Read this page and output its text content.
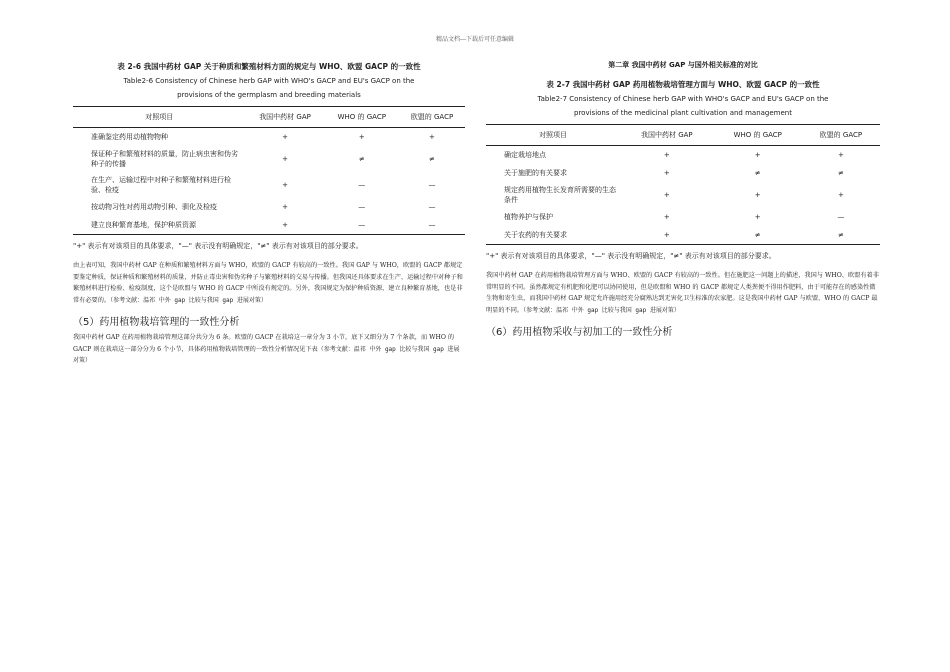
精品文档---下载后可任意编辑
表 2-6 我国中药材 GAP 关于种质和繁殖材料方面的规定与 WHO、欧盟 GACP 的一致性
Table2-6 Consistency of Chinese herb GAP with WHO's GACP and EU's GACP on the
provisions of the germplasm and breeding materials
对照项目	我国中药材 GAP	WHO 的 GACP	欧盟的 GACP
准确鉴定药用动植物物种	+	+	+
保证种子和繁殖材料的质量，防止病虫害和伪劣种子的传播	+	≠	≠
在生产、运输过程中对种子和繁殖材料进行检验、检疫	+	—	—
按动物习性对药用动物引种、驯化及检疫	+	—	—
建立良种繁育基地，保护种质资源	+	—	—
"+" 表示有对该项目的具体要求，"—" 表示没有明确规定，"≠" 表示有对该项目的部分要求。
由上表可知，我国中药材 GAP 在种质和繁殖材料方面与 WHO，欧盟的 GACP 有较高的一致性。我国 GAP 与 WHO，欧盟的 GACP 都规定要鉴定种质，保证种质和繁殖材料的质量，并防止毒虫害和伪劣种子与繁殖材料的交易与传播。但我国还具体要求在生产、运输过程中对种子和繁殖材料进行检验、检疫制度，这个是欧盟与 WHO 的 GACP 中所没有规定的。另外，我国规定为保护种质资源，建立良种繁育基地，也是非常有必要的。（参考文献：温祁 中外 gap 比较与我国 gap 进展对策）
（5）药用植物栽培管理的一致性分析
我国中药材 GAP 在药用植物栽培管理这部分共分为 6 条。欧盟的 GACP 在栽培这一章分为 3 小节，底下又细分为 7 个条款，而 WHO 的 GACP 则在栽培这一部分分为 6 个小节，具体药用植物栽培管理的一致性分析情况见下表（参考文献：温祁 中外 gap 比较与我国 gap 进展对策）
第二章 我国中药材 GAP 与国外相关标准的对比
表 2-7 我国中药材 GAP 药用植物栽培管理方面与 WHO、欧盟 GACP 的一致性
Table2-7 Consistency of Chinese herb GAP with WHO's GACP and EU's GACP on the
provisions of the medicinal plant cultivation and management
对照项目	我国中药材 GAP	WHO 的 GACP	欧盟的 GACP
确定栽培地点	+	+	+
关于施肥的有关要求	+	≠	≠
规定药用植物生长发育所需要的生态条件	+	+	+
植物养护与保护	+	+	—
关于农药的有关要求	+	≠	≠
"+" 表示有对该项目的具体要求，"—" 表示没有明确规定，"≠" 表示有对该项目的部分要求。
我国中药材 GAP 在药用植物栽培管理方面与 WHO、欧盟的 GACP 有较高的一致性。但在施肥这一问题上的描述，我国与 WHO、欧盟有着非常明显的不同。虽然都规定有机肥和化肥可以协同使用，但是欧盟和 WHO 的 GACP 都规定人类粪便不得用作肥料，由于可能存在的感染性微生物和寄生虫，而我国中药材 GAP 规定允许施用经充分腐熟达到无害化卫生标准的农家肥。这是我国中药材 GAP 与欧盟、WHO 的 GACP 最明显的不同。（参考文献：温祁 中外 gap 比较与我国 gap 进展对策）
（6）药用植物采收与初加工的一致性分析
